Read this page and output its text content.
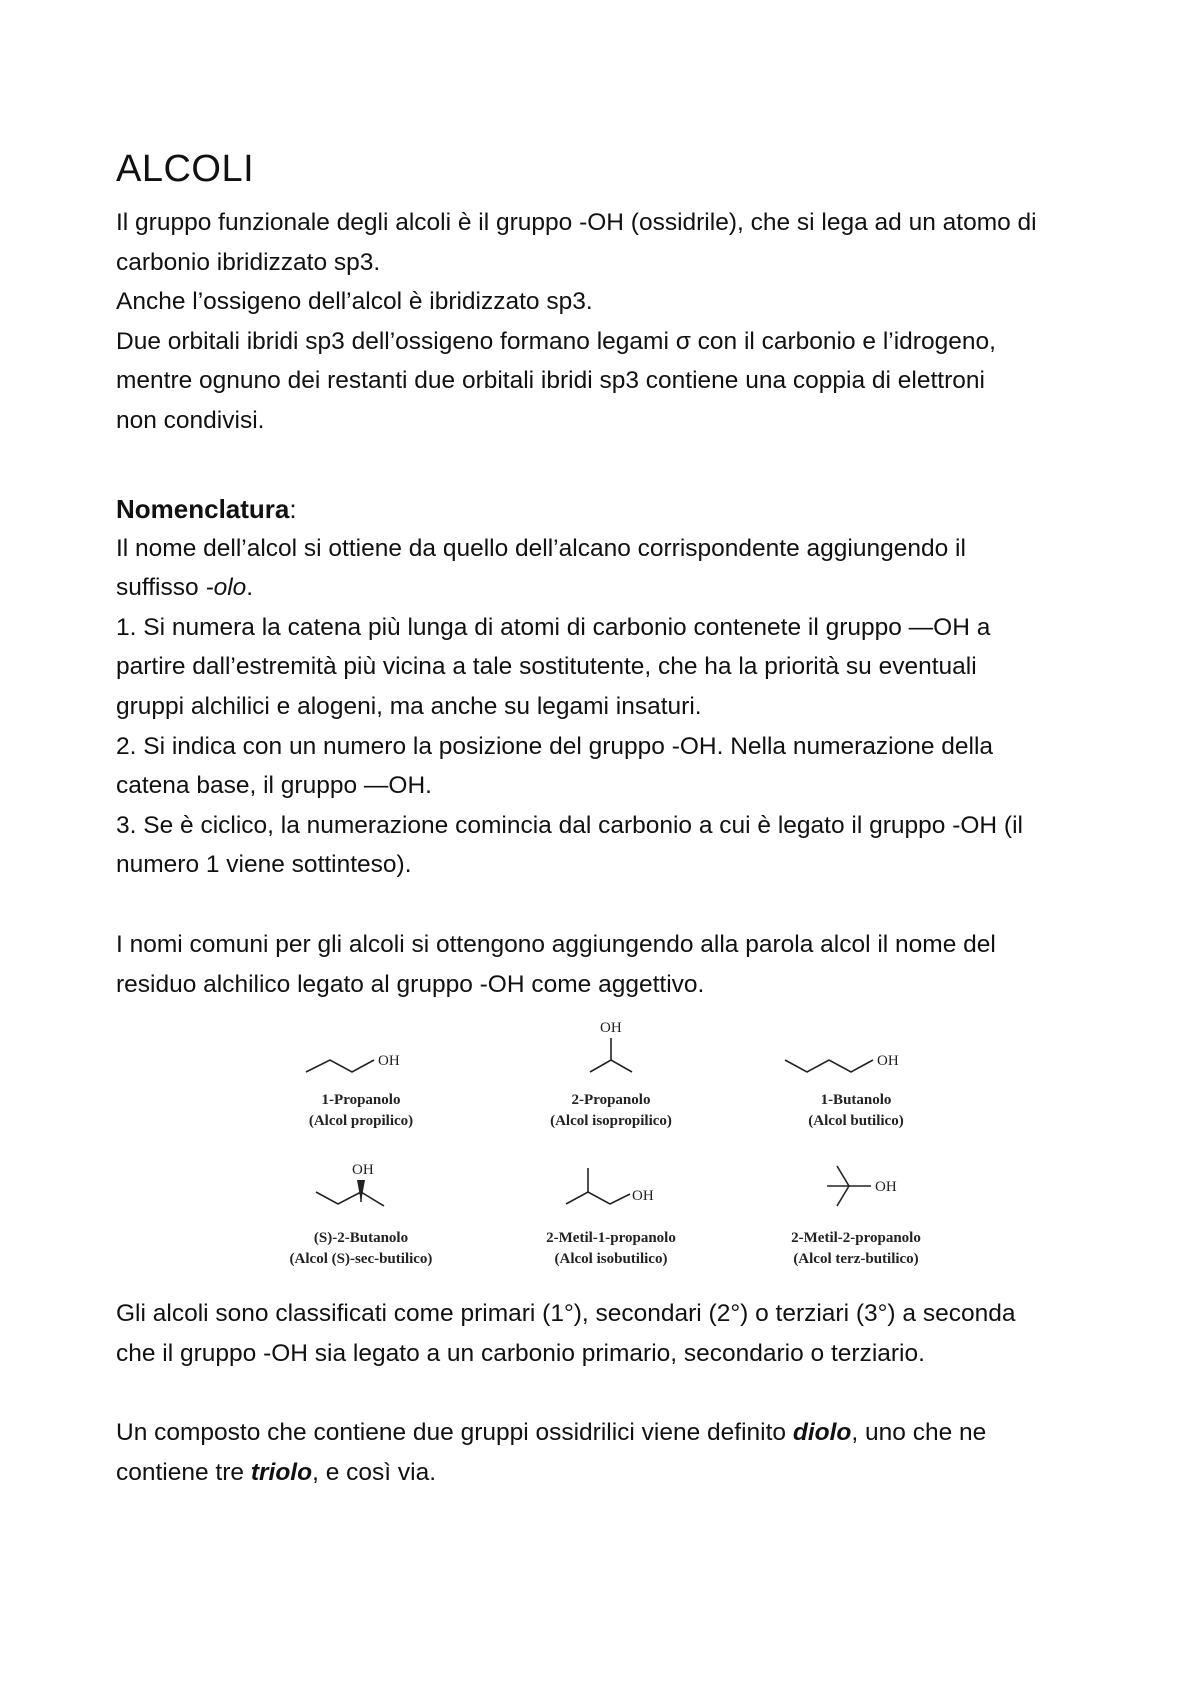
ALCOLI

Il gruppo funzionale degli alcoli è il gruppo -OH (ossidrile), che si lega ad un atomo di

carbonio ibridizzato sp3.

Anche l’ossigeno dell’alcol è ibridizzato sp3.

Due orbitali ibridi sp3 dell’ossigeno formano legami σ con il carbonio e l’idrogeno,

mentre ognuno dei restanti due orbitali ibridi sp3 contiene una coppia di elettroni

non condivisi.

Nomenclatura:

Il nome dell’alcol si ottiene da quello dell’alcano corrispondente aggiungendo il

suffisso -olo.

1. Si numera la catena più lunga di atomi di carbonio contenete il gruppo —OH a

partire dall’estremità più vicina a tale sostitutente, che ha la priorità su eventuali

gruppi alchilici e alogeni, ma anche su legami insaturi.

2. Si indica con un numero la posizione del gruppo -OH. Nella numerazione della

catena base, il gruppo —OH.

3. Se è ciclico, la numerazione comincia dal carbonio a cui è legato il gruppo -OH (il

numero 1 viene sottinteso).

I nomi comuni per gli alcoli si ottengono aggiungendo alla parola alcol il nome del

residuo alchilico legato al gruppo -OH come aggettivo.

OH
1-Propanolo
(Alcol propilico)
OH
2-Propanolo
(Alcol isopropilico)
OH
1-Butanolo
(Alcol butilico)
OH
(S)-2-Butanolo
(Alcol (S)-sec-butilico)
OH
2-Metil-1-propanolo
(Alcol isobutilico)
OH
2-Metil-2-propanolo
(Alcol terz-butilico)

Gli alcoli sono classificati come primari (1°), secondari (2°) o terziari (3°) a seconda

che il gruppo -OH sia legato a un carbonio primario, secondario o terziario.

Un composto che contiene due gruppi ossidrilici viene definito diolo, uno che ne

contiene tre triolo, e così via.
